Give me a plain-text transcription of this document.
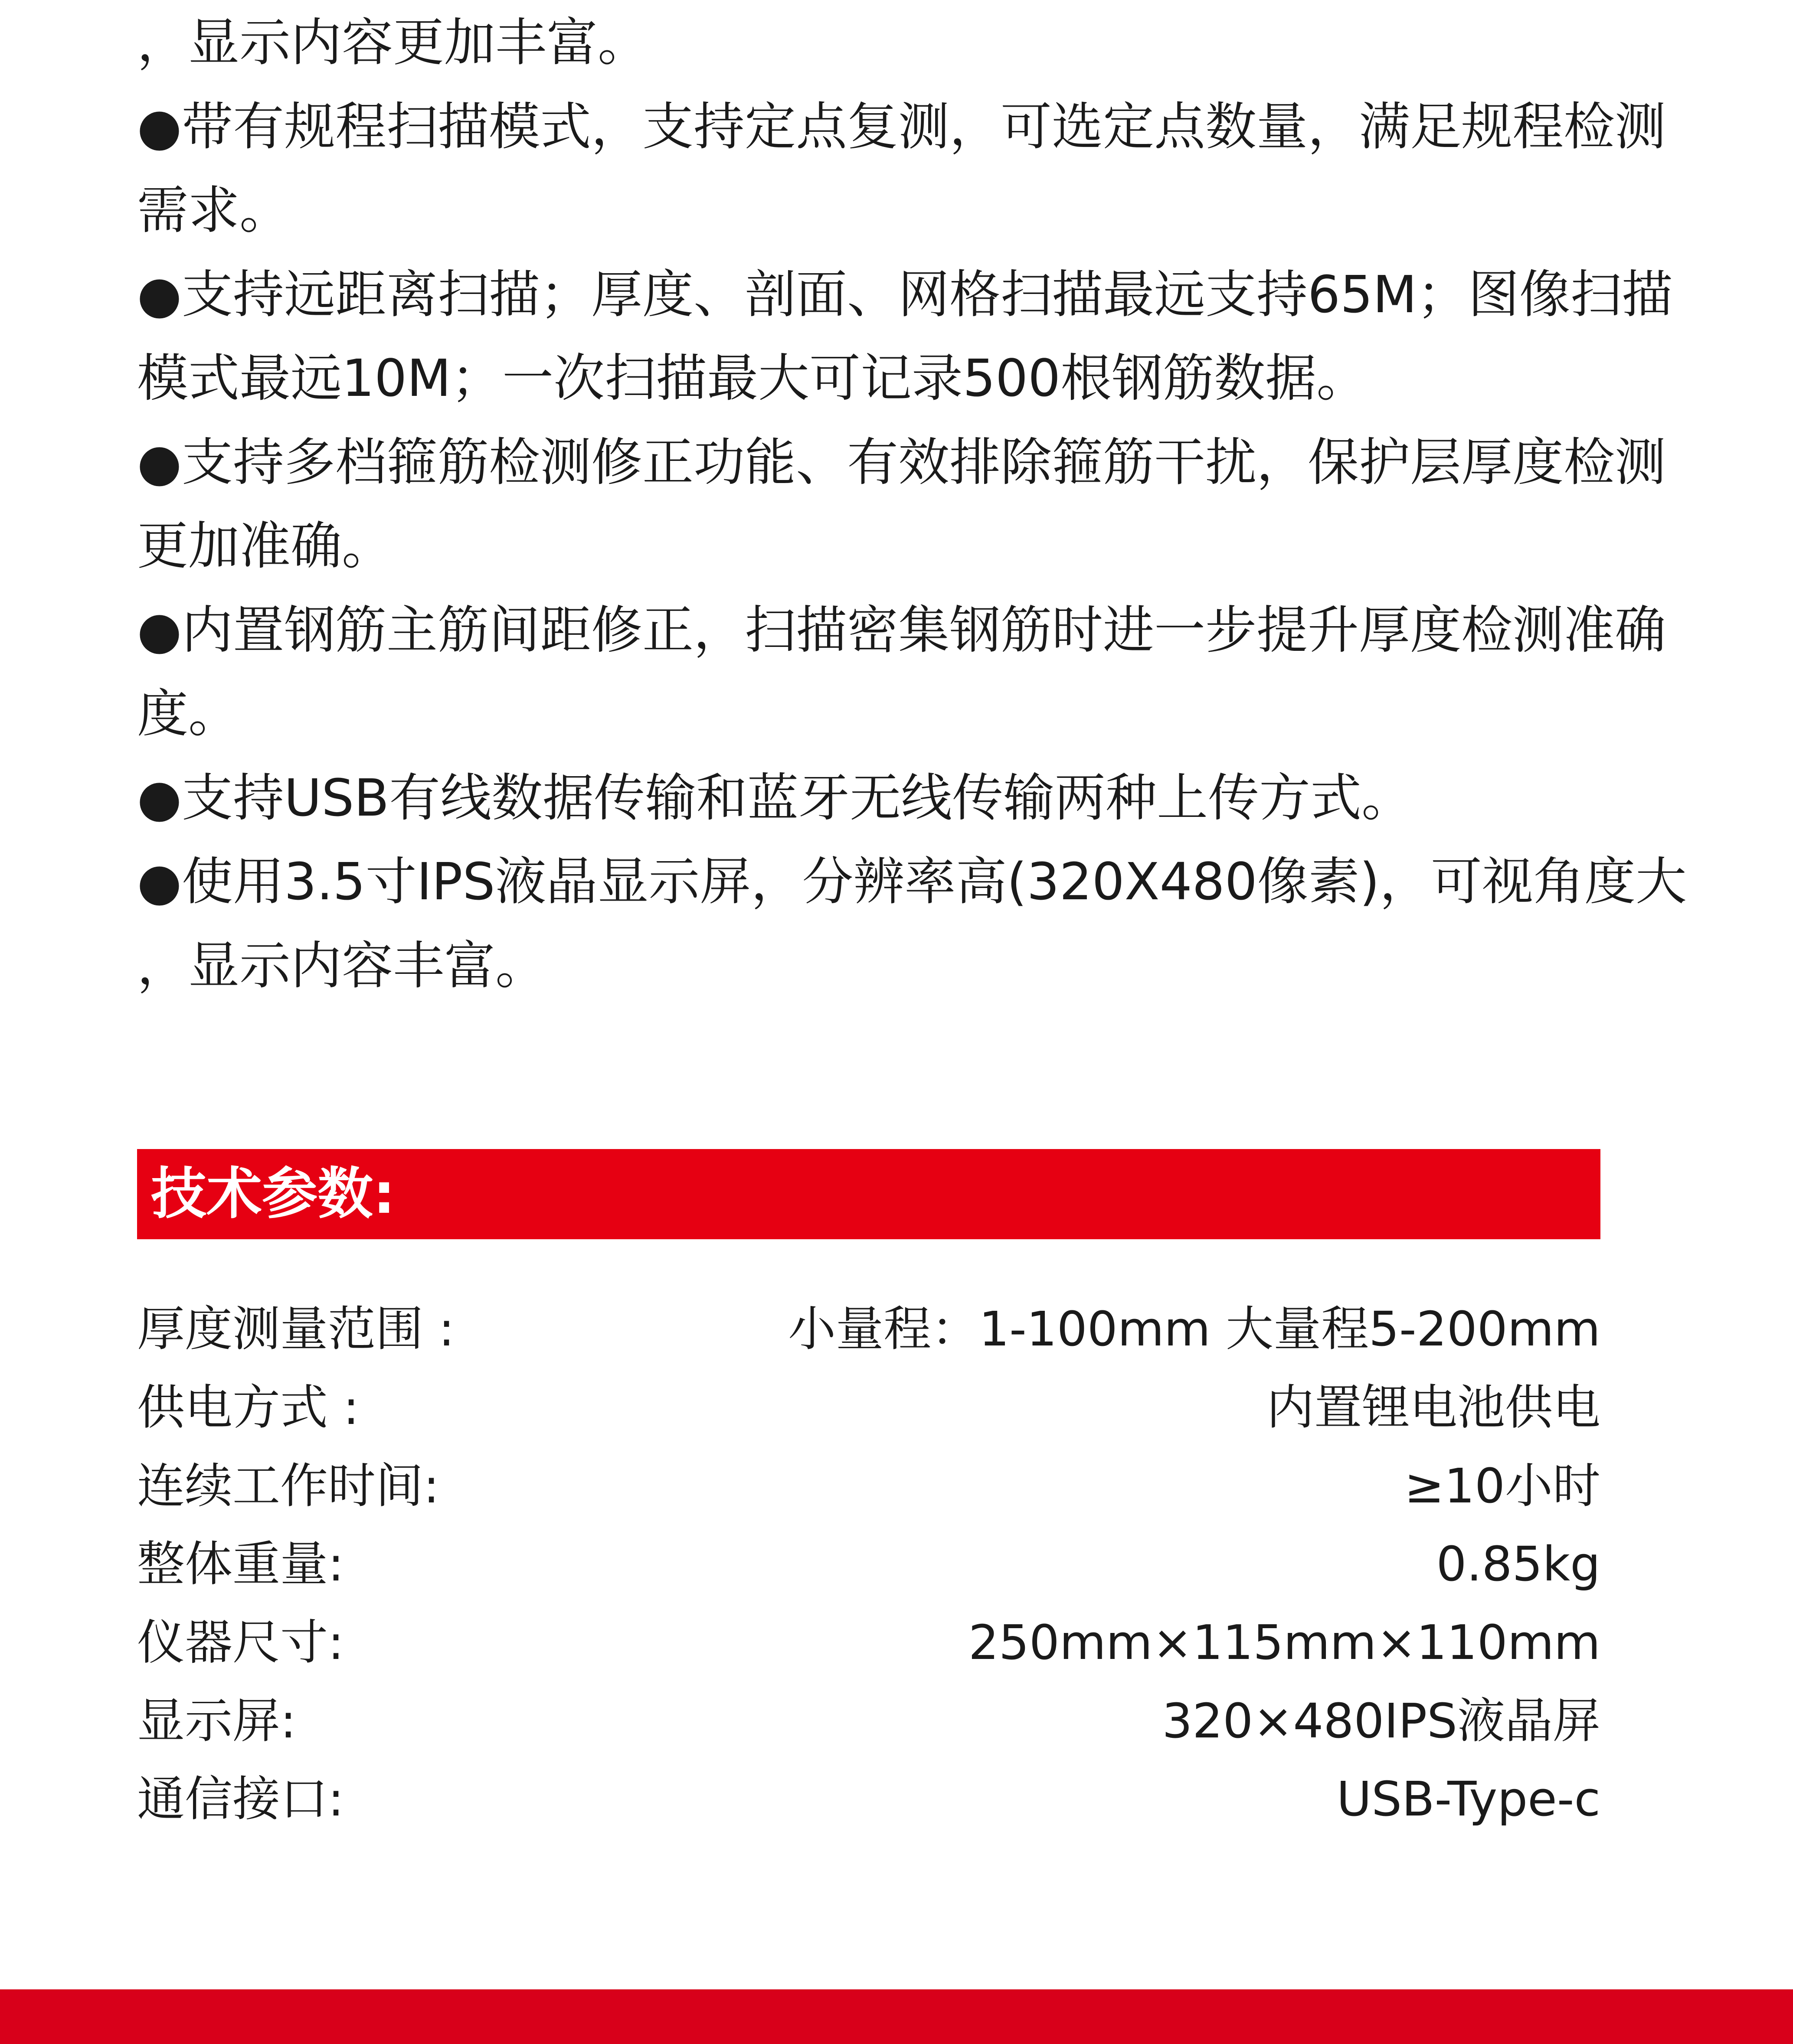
，显示内容更加丰富。
●带有规程扫描模式，支持定点复测，可选定点数量，满足规程检测
需求。
●支持远距离扫描；厚度、剖面、网格扫描最远支持65M；图像扫描
模式最远10M；一次扫描最大可记录500根钢筋数据。
●支持多档箍筋检测修正功能、有效排除箍筋干扰，保护层厚度检测
更加准确。
●内置钢筋主筋间距修正，扫描密集钢筋时进一步提升厚度检测准确
度。
●支持USB有线数据传输和蓝牙无线传输两种上传方式。
●使用3.5寸IPS液晶显示屏，分辨率高(320X480像素)，可视角度大
，显示内容丰富。
技术参数:
厚度测量范围 :	小量程：1-100mm 大量程5-200mm
供电方式 :	内置锂电池供电
连续工作时间:	≥10小时
整体重量:	0.85kg
仪器尺寸:	250mm×115mm×110mm
显示屏:	320×480IPS液晶屏
通信接口:	USB-Type-c
